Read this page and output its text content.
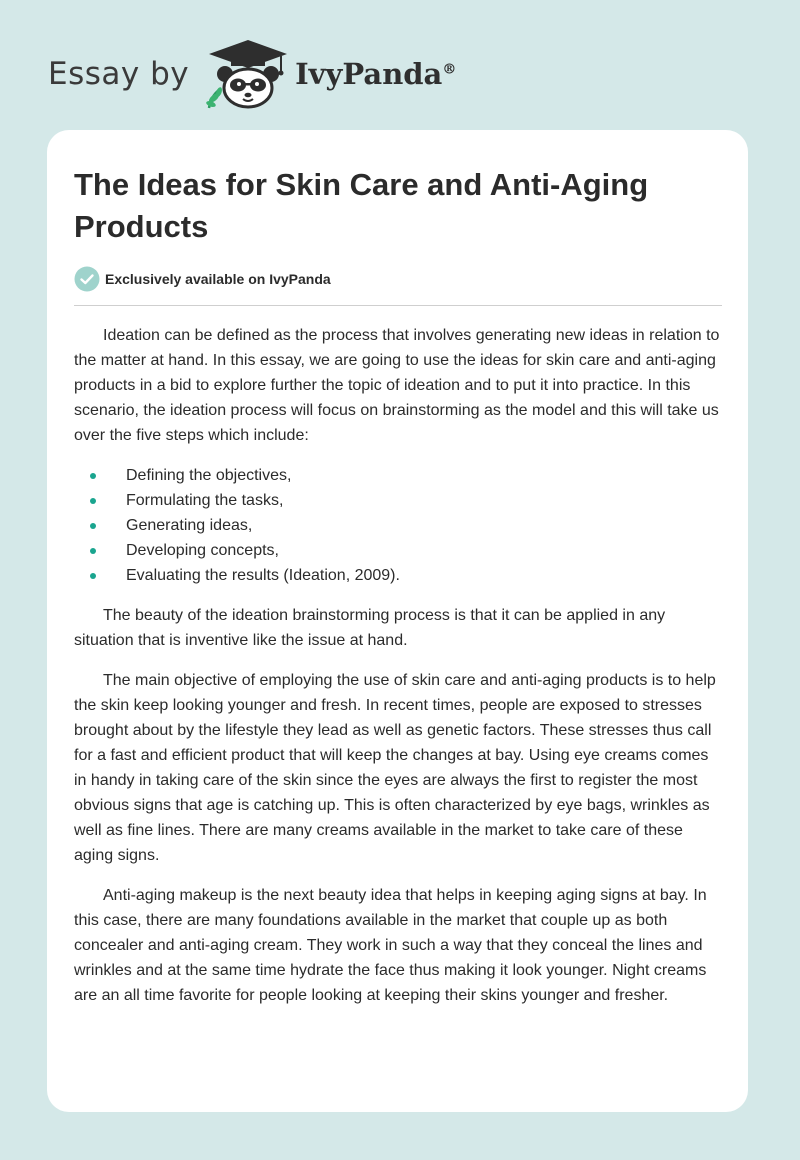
Essay by	IvyPanda®
The Ideas for Skin Care and Anti-Aging Products
Exclusively available on IvyPanda

Ideation can be defined as the process that involves generating new ideas in relation to the matter at hand. In this essay, we are going to use the ideas for skin care and anti-aging products in a bid to explore further the topic of ideation and to put it into practice. In this scenario, the ideation process will focus on brainstorming as the model and this will take us over the five steps which include:

Defining the objectives,
Formulating the tasks,
Generating ideas,
Developing concepts,
Evaluating the results (Ideation, 2009).

The beauty of the ideation brainstorming process is that it can be applied in any situation that is inventive like the issue at hand.

The main objective of employing the use of skin care and anti-aging products is to help the skin keep looking younger and fresh. In recent times, people are exposed to stresses brought about by the lifestyle they lead as well as genetic factors. These stresses thus call for a fast and efficient product that will keep the changes at bay. Using eye creams comes in handy in taking care of the skin since the eyes are always the first to register the most obvious signs that age is catching up. This is often characterized by eye bags, wrinkles as well as fine lines. There are many creams available in the market to take care of these aging signs.

Anti-aging makeup is the next beauty idea that helps in keeping aging signs at bay. In this case, there are many foundations available in the market that couple up as both concealer and anti-aging cream. They work in such a way that they conceal the lines and wrinkles and at the same time hydrate the face thus making it look younger. Night creams are an all time favorite for people looking at keeping their skins younger and fresher.
